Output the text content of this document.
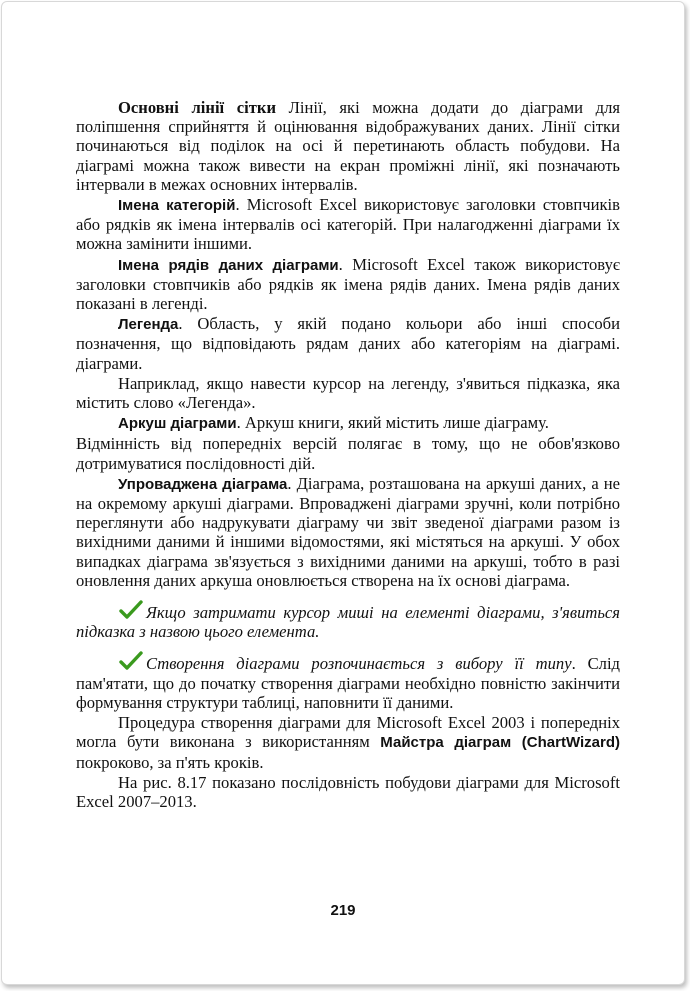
Основні лінії сітки Лінії, які можна додати до діаграми для поліпшення сприйняття й оцінювання відображуваних даних. Лінії сітки починаються від поділок на осі й перетинають область побудови. На діаграмі можна також вивести на екран проміжні лінії, які позначають інтервали в межах основних інтервалів.

Імена категорій. Microsoft Excel використовує заголовки стовпчиків або рядків як імена інтервалів осі категорій. При налагодженні діаграми їх можна замінити іншими.

Імена рядів даних діаграми. Microsoft Excel також використовує заголовки стовпчиків або рядків як імена рядів даних. Імена рядів даних показані в легенді.

Легенда. Область, у якій подано кольори або інші способи позначення, що відповідають рядам даних або категоріям на діаграмі. діаграми.

Наприклад, якщо навести курсор на легенду, з'явиться підказка, яка містить слово «Легенда».

Аркуш діаграми. Аркуш книги, який містить лише діаграму.

Відмінність від попередніх версій полягає в тому, що не обов'язково дотримуватися послідовності дій.

Упроваджена діаграма. Діаграма, розташована на аркуші даних, а не на окремому аркуші діаграми. Впроваджені діаграми зручні, коли потрібно переглянути або надрукувати діаграму чи звіт зведеної діаграми разом із вихідними даними й іншими відомостями, які містяться на аркуші. У обох випадках діаграма зв'язується з вихідними даними на аркуші, тобто в разі оновлення даних аркуша оновлюється створена на їх основі діаграма.

Якщо затримати курсор миші на елементі діаграми, з'явиться підказка з назвою цього елемента.

Створення діаграми розпочинається з вибору її типу. Слід пам'ятати, що до початку створення діаграми необхідно повністю закінчити формування структури таблиці, наповнити її даними.

Процедура створення діаграми для Microsoft Excel 2003 і попередніх могла бути виконана з використанням Майстра діаграм (ChartWizard) покроково, за п'ять кроків.

На рис. 8.17 показано послідовність побудови діаграми для Microsoft Excel 2007–2013.

219
